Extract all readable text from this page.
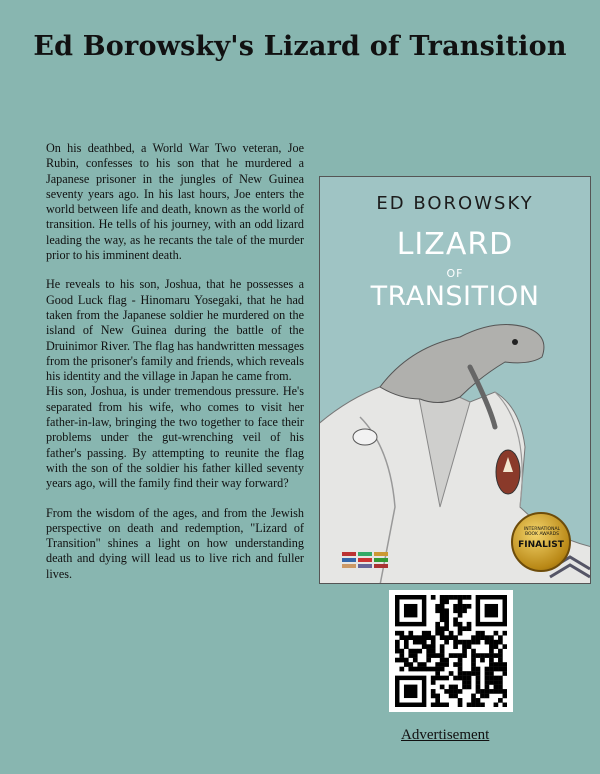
Ed Borowsky's Lizard of Transition

On his deathbed, a World War Two veteran, Joe Rubin, confesses to his son that he murdered a Japanese prisoner in the jungles of New Guinea seventy years ago. In his last hours, Joe enters the world between life and death, known as the world of transition. He tells of his journey, with an odd lizard leading the way, as he recants the tale of the murder prior to his imminent death.

He reveals to his son, Joshua, that he possesses a Good Luck flag - Hinomaru Yosegaki, that he had taken from the Japanese soldier he murdered on the island of New Guinea during the battle of the Druinimor River. The flag has handwritten messages from the prisoner's family and friends, which reveals his identity and the village in Japan he came from.

His son, Joshua, is under tremendous pressure. He's separated from his wife, who comes to visit her father-in-law, bringing the two together to face their problems under the gut-wrenching veil of his father's passing. By attempting to reunite the flag with the son of the soldier his father killed seventy years ago, will the family find their way forward?

From the wisdom of the ages, and from the Jewish perspective on death and redemption, "Lizard of Transition" shines a light on how understanding death and dying will lead us to live rich and fuller lives.

ED BOROWSKY
LIZARD
OF
TRANSITION
INTERNATIONAL BOOK AWARDS
FINALIST
Advertisement
